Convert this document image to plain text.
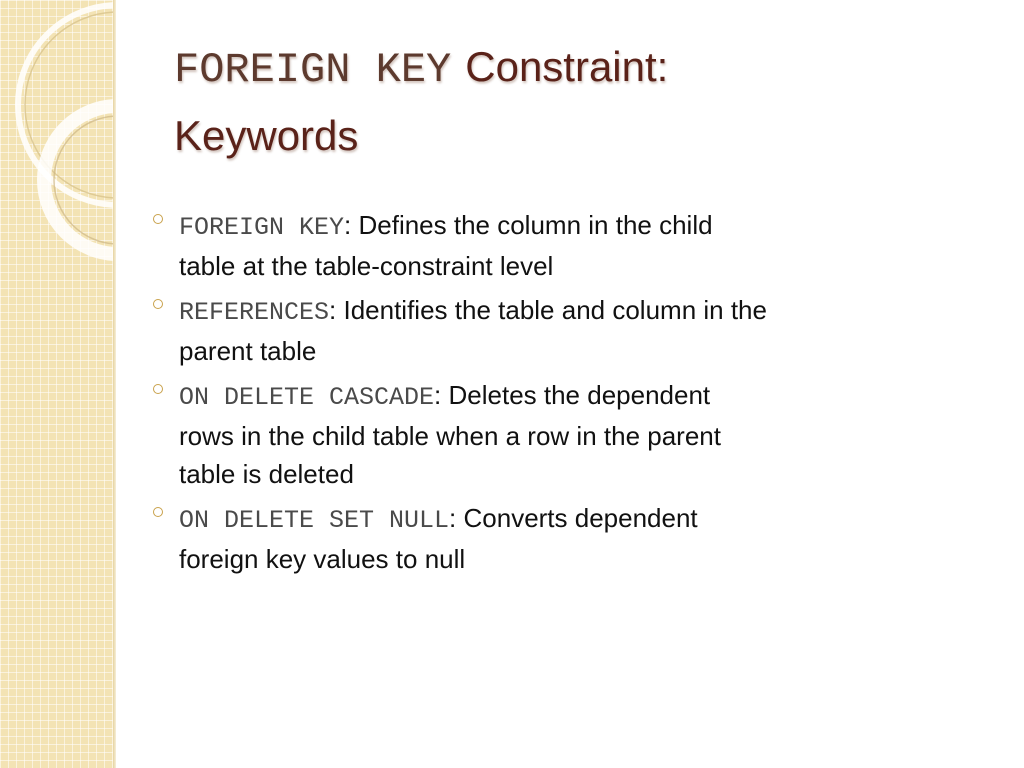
FOREIGN KEY Constraint:
Keywords
FOREIGN KEY: Defines the column in the child
table at the table-constraint level
REFERENCES: Identifies the table and column in the
parent table
ON DELETE CASCADE: Deletes the dependent
rows in the child table when a row in the parent
table is deleted
ON DELETE SET NULL: Converts dependent
foreign key values to null
